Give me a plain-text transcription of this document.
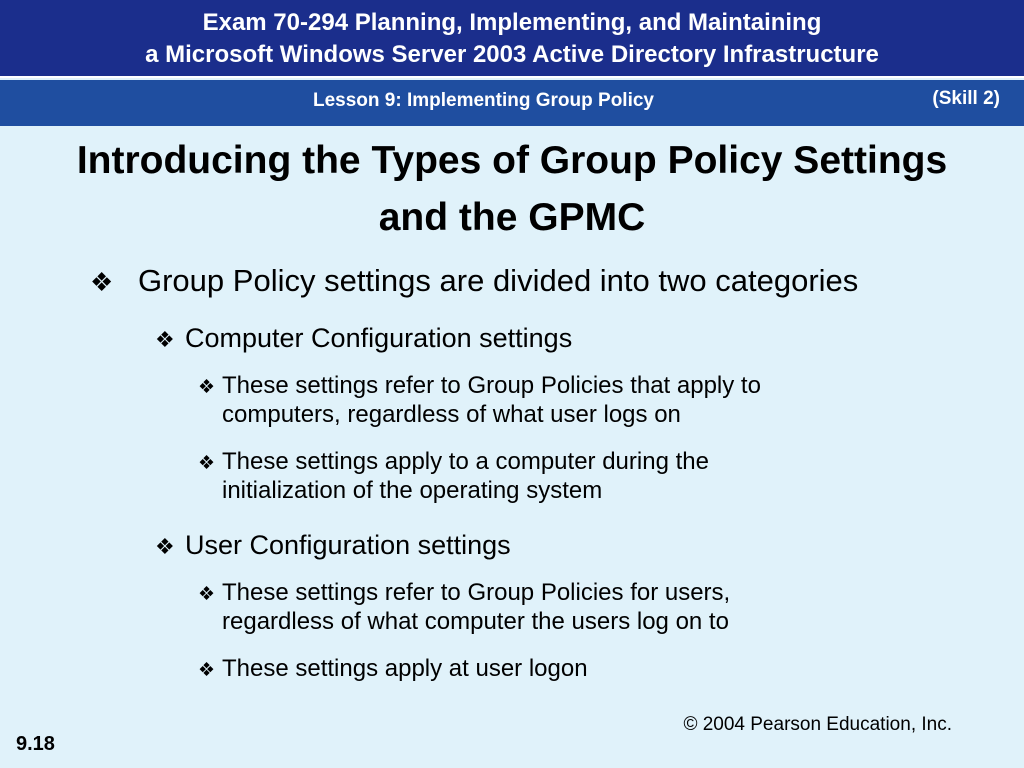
Exam 70-294 Planning, Implementing, and Maintaining
a Microsoft Windows Server 2003 Active Directory Infrastructure
Lesson 9: Implementing Group Policy	(Skill 2)
Introducing the Types of Group Policy Settings
and the GPMC
❖ Group Policy settings are divided into two categories
❖ Computer Configuration settings
❖ These settings refer to Group Policies that apply to
computers, regardless of what user logs on
❖ These settings apply to a computer during the
initialization of the operating system
❖ User Configuration settings
❖ These settings refer to Group Policies for users,
regardless of what computer the users log on to
❖ These settings apply at user logon
© 2004 Pearson Education, Inc.
9.18
